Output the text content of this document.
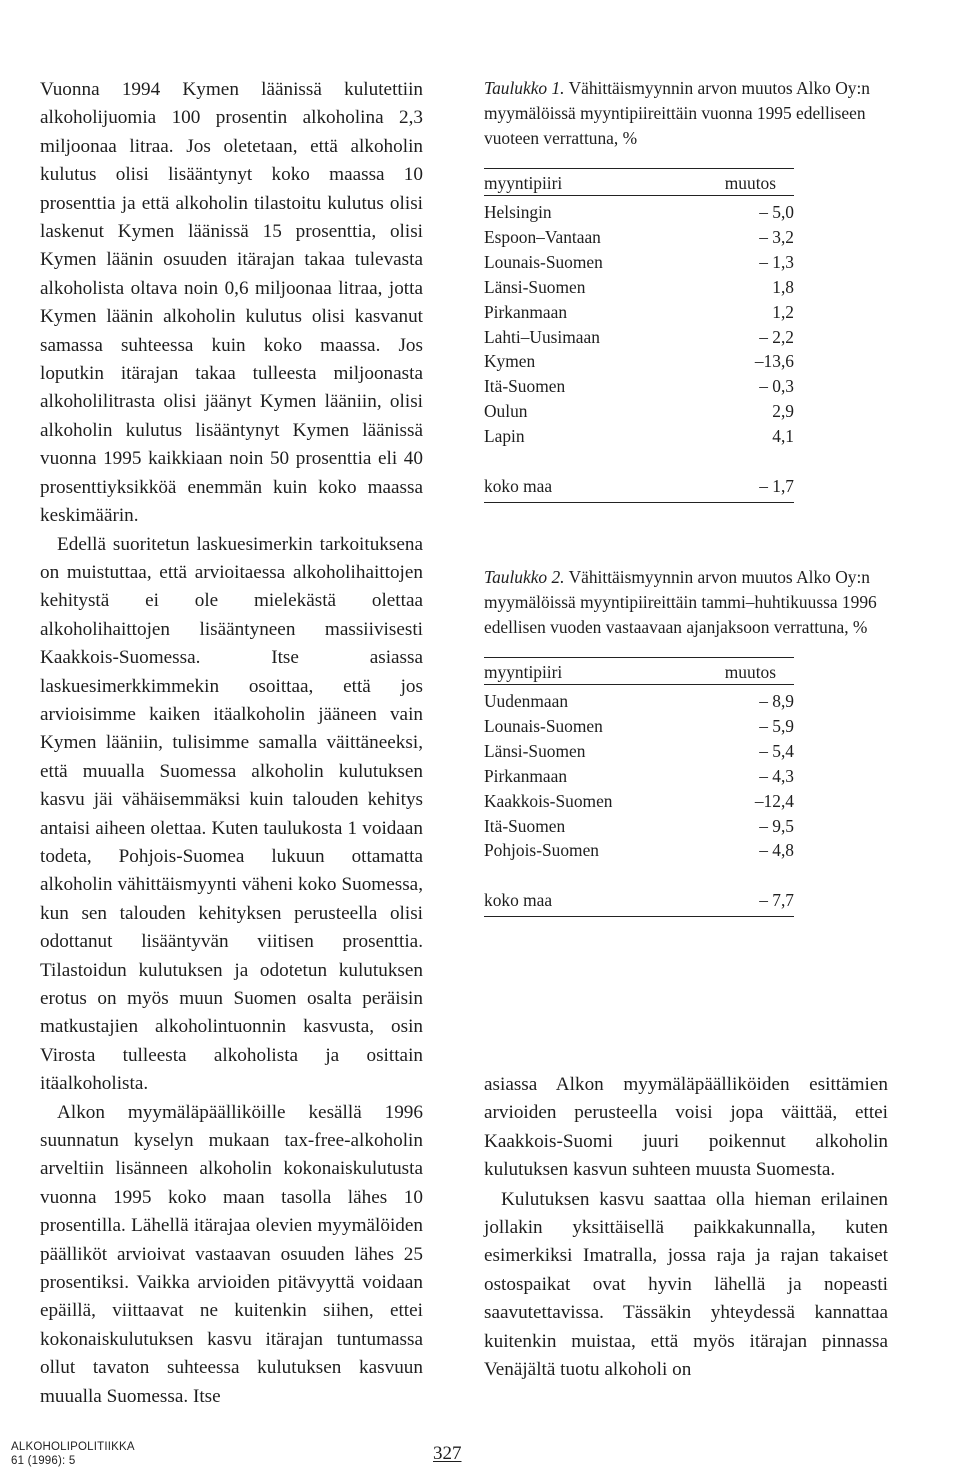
Vuonna 1994 Kymen läänissä kulutettiin alkoholijuomia 100 prosentin alkoholina 2,3 miljoonaa litraa. Jos oletetaan, että alkoholin kulutus olisi lisääntynyt koko maassa 10 prosenttia ja että alkoholin tilastoitu kulutus olisi laskenut Kymen läänissä 15 prosenttia, olisi Kymen läänin osuuden itärajan takaa tulevasta alkoholista oltava noin 0,6 miljoonaa litraa, jotta Kymen läänin alkoholin kulutus olisi kasvanut samassa suhteessa kuin koko maassa. Jos loputkin itärajan takaa tulleesta miljoonasta alkoholilitrasta olisi jäänyt Kymen lääniin, olisi alkoholin kulutus lisääntynyt Kymen läänissä vuonna 1995 kaikkiaan noin 50 prosenttia eli 40 prosenttiyksikköä enemmän kuin koko maassa keskimäärin.

Edellä suoritetun laskuesimerkin tarkoituksena on muistuttaa, että arvioitaessa alkoholihaittojen kehitystä ei ole mielekästä olettaa alkoholihaittojen lisääntyneen massiivisesti Kaakkois-Suomessa. Itse asiassa laskuesimerkkimmekin osoittaa, että jos arvioisimme kaiken itäalkoholin jääneen vain Kymen lääniin, tulisimme samalla väittäneeksi, että muualla Suomessa alkoholin kulutuksen kasvu jäi vähäisemmäksi kuin talouden kehitys antaisi aiheen olettaa. Kuten taulukosta 1 voidaan todeta, Pohjois-Suomea lukuun ottamatta alkoholin vähittäismyynti väheni koko Suomessa, kun sen talouden kehityksen perusteella olisi odottanut lisääntyvän viitisen prosenttia. Tilastoidun kulutuksen ja odotetun kulutuksen erotus on myös muun Suomen osalta peräisin matkustajien alkoholintuonnin kasvusta, osin Virosta tulleesta alkoholista ja osittain itäalkoholista.

Alkon myymäläpäälliköille kesällä 1996 suunnatun kyselyn mukaan tax-free-alkoholin arveltiin lisänneen alkoholin kokonaiskulutusta vuonna 1995 koko maan tasolla lähes 10 prosentilla. Lähellä itärajaa olevien myymälöiden päälliköt arvioivat vastaavan osuuden lähes 25 prosentiksi. Vaikka arvioiden pitävyyttä voidaan epäillä, viittaavat ne kuitenkin siihen, ettei kokonaiskulutuksen kasvu itärajan tuntumassa ollut tavaton suhteessa kulutuksen kasvuun muualla Suomessa. Itse

Taulukko 1. Vähittäismyynnin arvon muutos Alko Oy:n myymälöissä myyntipiireittäin vuonna 1995 edelliseen vuoteen verrattuna, %

myyntipiiri	muutos
Helsingin	– 5,0
Espoon–Vantaan	– 3,2
Lounais-Suomen	– 1,3
Länsi-Suomen	1,8
Pirkanmaan	1,2
Lahti–Uusimaan	– 2,2
Kymen	–13,6
Itä-Suomen	– 0,3
Oulun	2,9
Lapin	4,1
koko maa	– 1,7

Taulukko 2. Vähittäismyynnin arvon muutos Alko Oy:n myymälöissä myyntipiireittäin tammi–huhtikuussa 1996 edellisen vuoden vastaavaan ajanjaksoon verrattuna, %

myyntipiiri	muutos
Uudenmaan	– 8,9
Lounais-Suomen	– 5,9
Länsi-Suomen	– 5,4
Pirkanmaan	– 4,3
Kaakkois-Suomen	–12,4
Itä-Suomen	– 9,5
Pohjois-Suomen	– 4,8
koko maa	– 7,7

asiassa Alkon myymäläpäälliköiden esittämien arvioiden perusteella voisi jopa väittää, ettei Kaakkois-Suomi juuri poikennut alkoholin kulutuksen kasvun suhteen muusta Suomesta.

Kulutuksen kasvu saattaa olla hieman erilainen jollakin yksittäisellä paikkakunnalla, kuten esimerkiksi Imatralla, jossa raja ja rajan takaiset ostospaikat ovat hyvin lähellä ja nopeasti saavutettavissa. Tässäkin yhteydessä kannattaa kuitenkin muistaa, että myös itärajan pinnassa Venäjältä tuotu alkoholi on

ALKOHOLIPOLITIIKKA
61 (1996): 5	327
